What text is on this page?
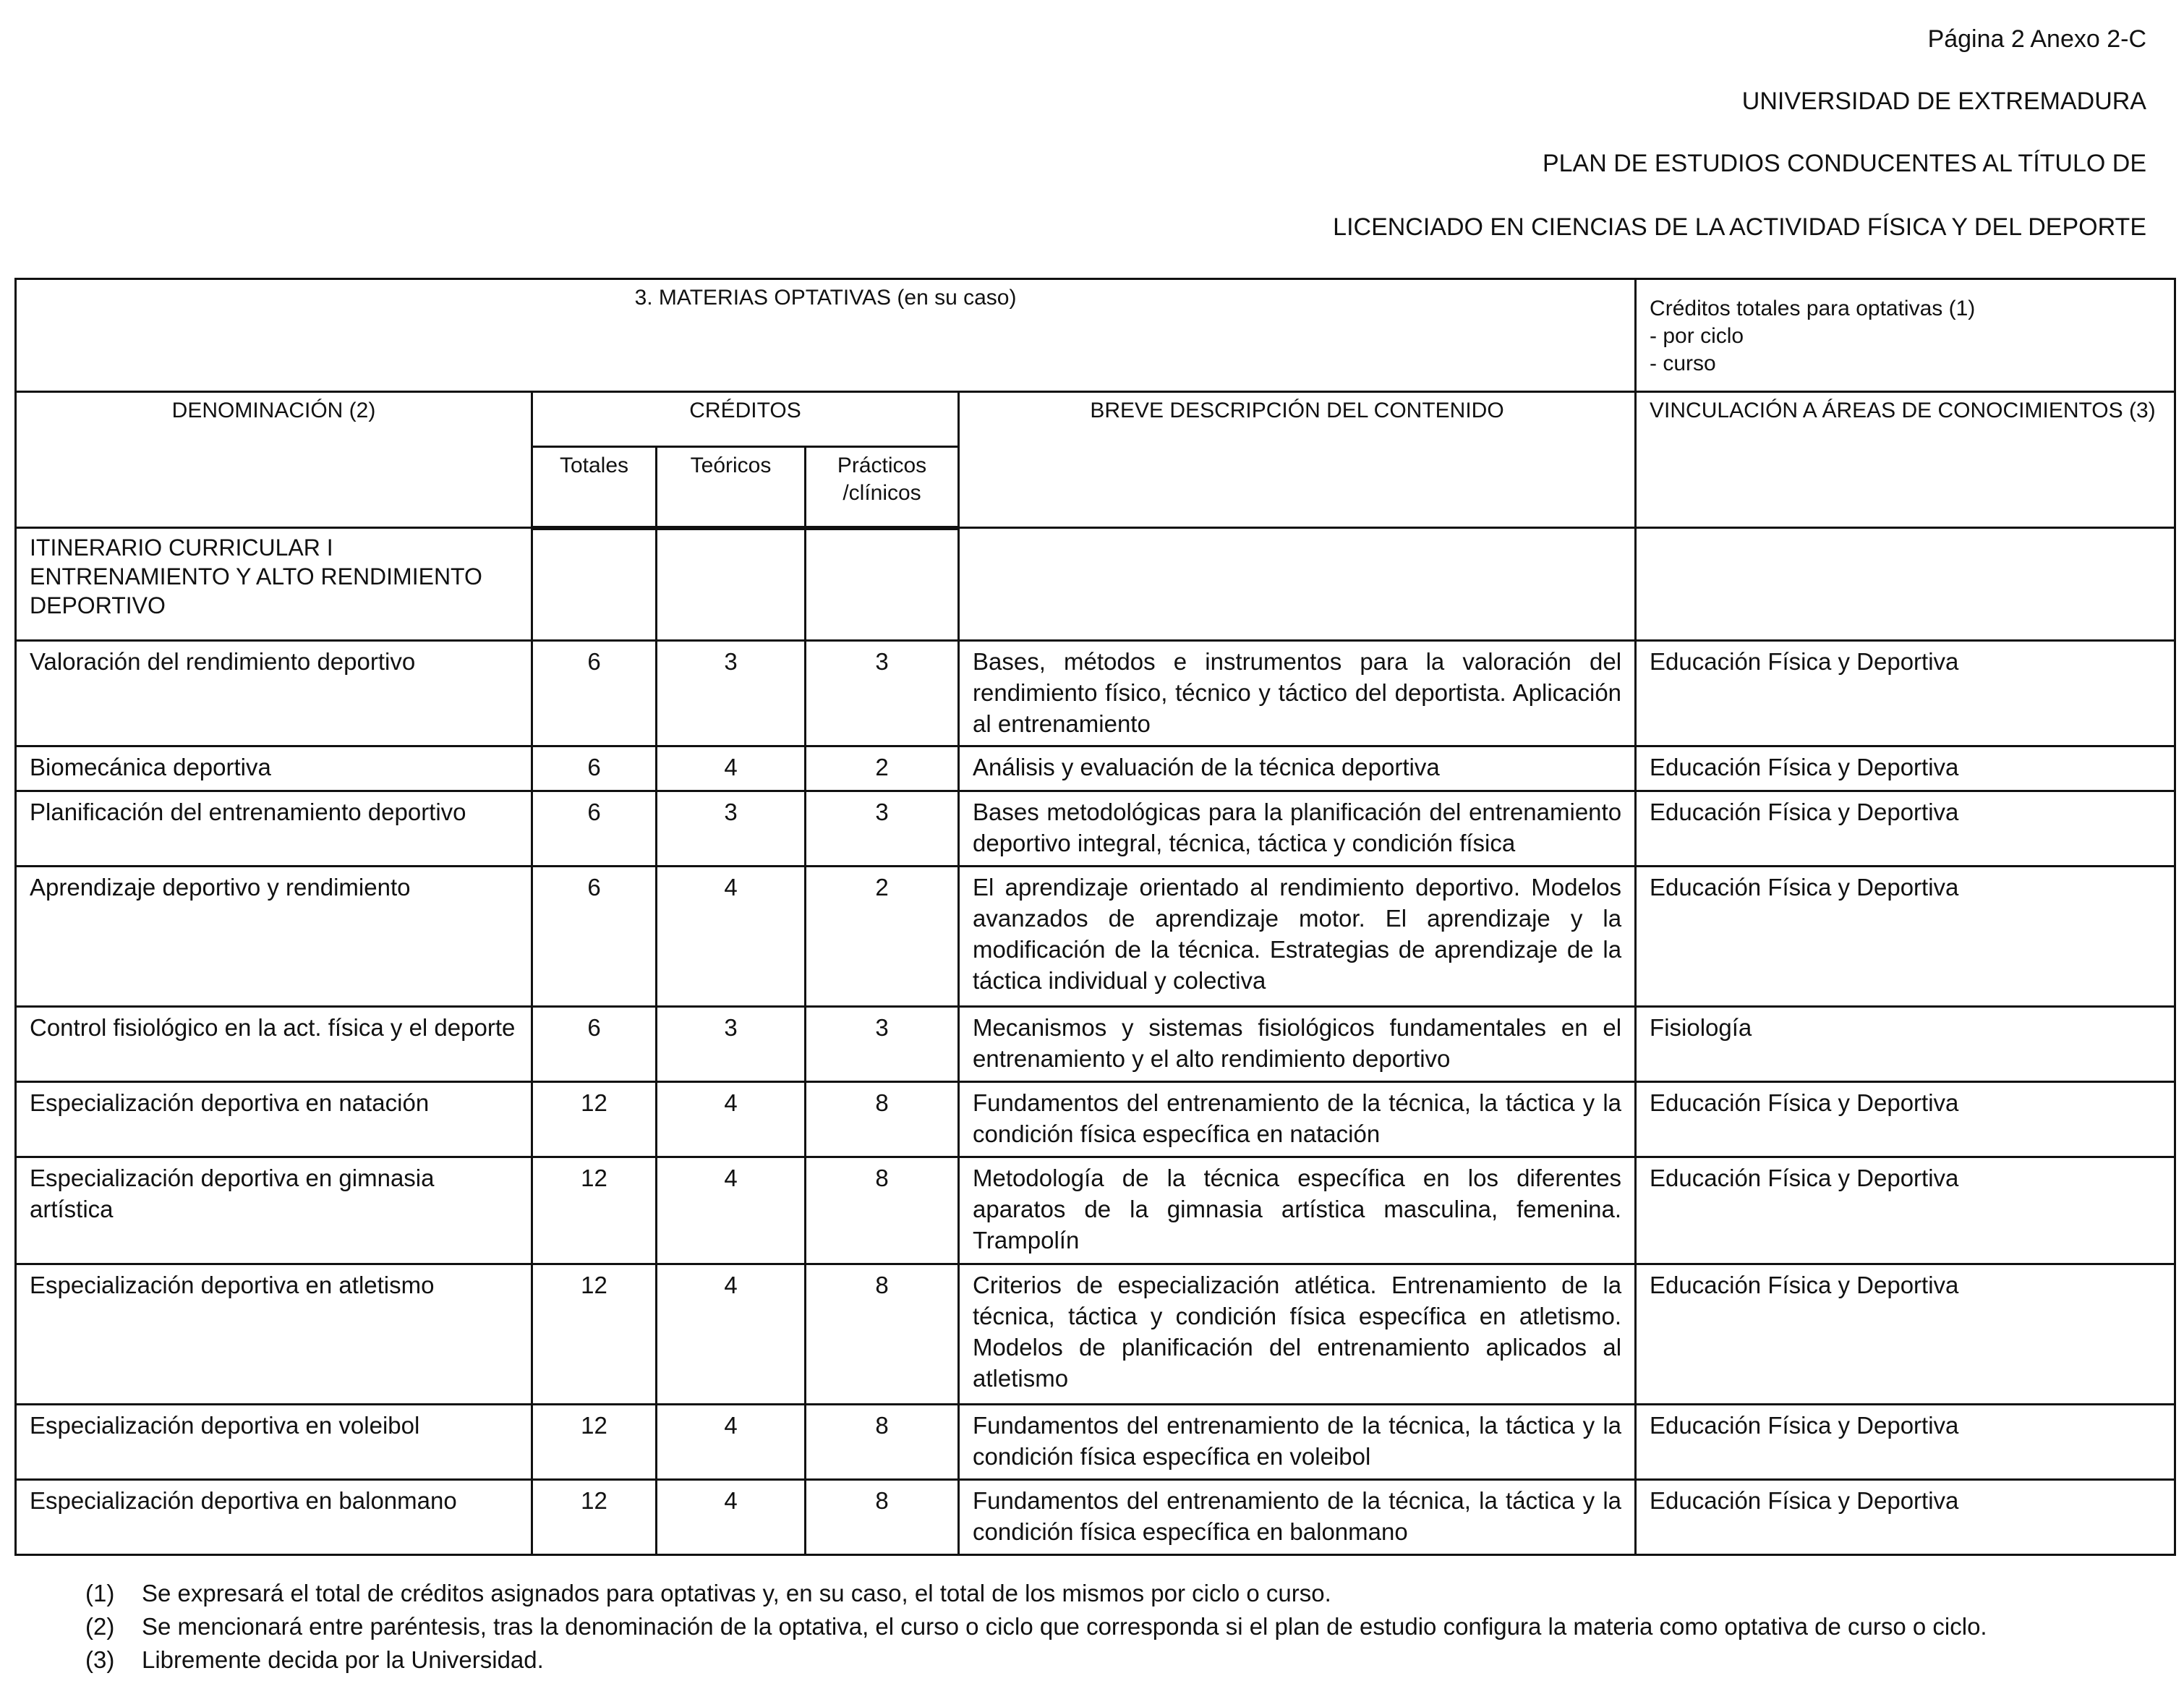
Página 2 Anexo 2-C
UNIVERSIDAD DE EXTREMADURA
PLAN DE ESTUDIOS CONDUCENTES AL TÍTULO DE
LICENCIADO EN CIENCIAS DE LA ACTIVIDAD FÍSICA Y DEL DEPORTE
3. MATERIAS OPTATIVAS (en su caso)					Créditos totales para optativas (1)
- por ciclo
- curso

DENOMINACIÓN (2)	CRÉDITOS			BREVE DESCRIPCIÓN DEL CONTENIDO	VINCULACIÓN A ÁREAS DE CONOCIMIENTOS (3)
	Totales	Teóricos	Prácticos /clínicos		
ITINERARIO CURRICULAR I ENTRENAMIENTO Y ALTO RENDIMIENTO DEPORTIVO					
Valoración del rendimiento deportivo	6	3	3	Bases, métodos e instrumentos para la valoración del rendimiento físico, técnico y táctico del deportista. Aplicación al entrenamiento	Educación Física y Deportiva
Biomecánica deportiva	6	4	2	Análisis y evaluación de la técnica deportiva	Educación Física y Deportiva
Planificación del entrenamiento deportivo	6	3	3	Bases metodológicas para la planificación del entrenamiento deportivo integral, técnica, táctica y condición física	Educación Física y Deportiva
Aprendizaje deportivo y rendimiento	6	4	2	El aprendizaje orientado al rendimiento deportivo. Modelos avanzados de aprendizaje motor. El aprendizaje y la modificación de la técnica. Estrategias de aprendizaje de la táctica individual y colectiva	Educación Física y Deportiva
Control fisiológico en la act. física y el deporte	6	3	3	Mecanismos y sistemas fisiológicos fundamentales en el entrenamiento y el alto rendimiento deportivo	Fisiología
Especialización deportiva en natación	12	4	8	Fundamentos del entrenamiento de la técnica, la táctica y la condición física específica en natación	Educación Física y Deportiva
Especialización deportiva en gimnasia artística	12	4	8	Metodología de la técnica específica en los diferentes aparatos de la gimnasia artística masculina, femenina. Trampolín	Educación Física y Deportiva
Especialización deportiva en atletismo	12	4	8	Criterios de especialización atlética. Entrenamiento de la técnica, táctica y condición física específica en atletismo. Modelos de planificación del entrenamiento aplicados al atletismo	Educación Física y Deportiva
Especialización deportiva en voleibol	12	4	8	Fundamentos del entrenamiento de la técnica, la táctica y la condición física específica en voleibol	Educación Física y Deportiva
Especialización deportiva en balonmano	12	4	8	Fundamentos del entrenamiento de la técnica, la táctica y la condición física específica en balonmano	Educación Física y Deportiva
(1)	Se expresará el total de créditos asignados para optativas y, en su caso, el total de los mismos por ciclo o curso.
(2)	Se mencionará entre paréntesis, tras la denominación de la optativa, el curso o ciclo que corresponda si el plan de estudio configura la materia como optativa de curso o ciclo.
(3)	Libremente decida por la Universidad.
